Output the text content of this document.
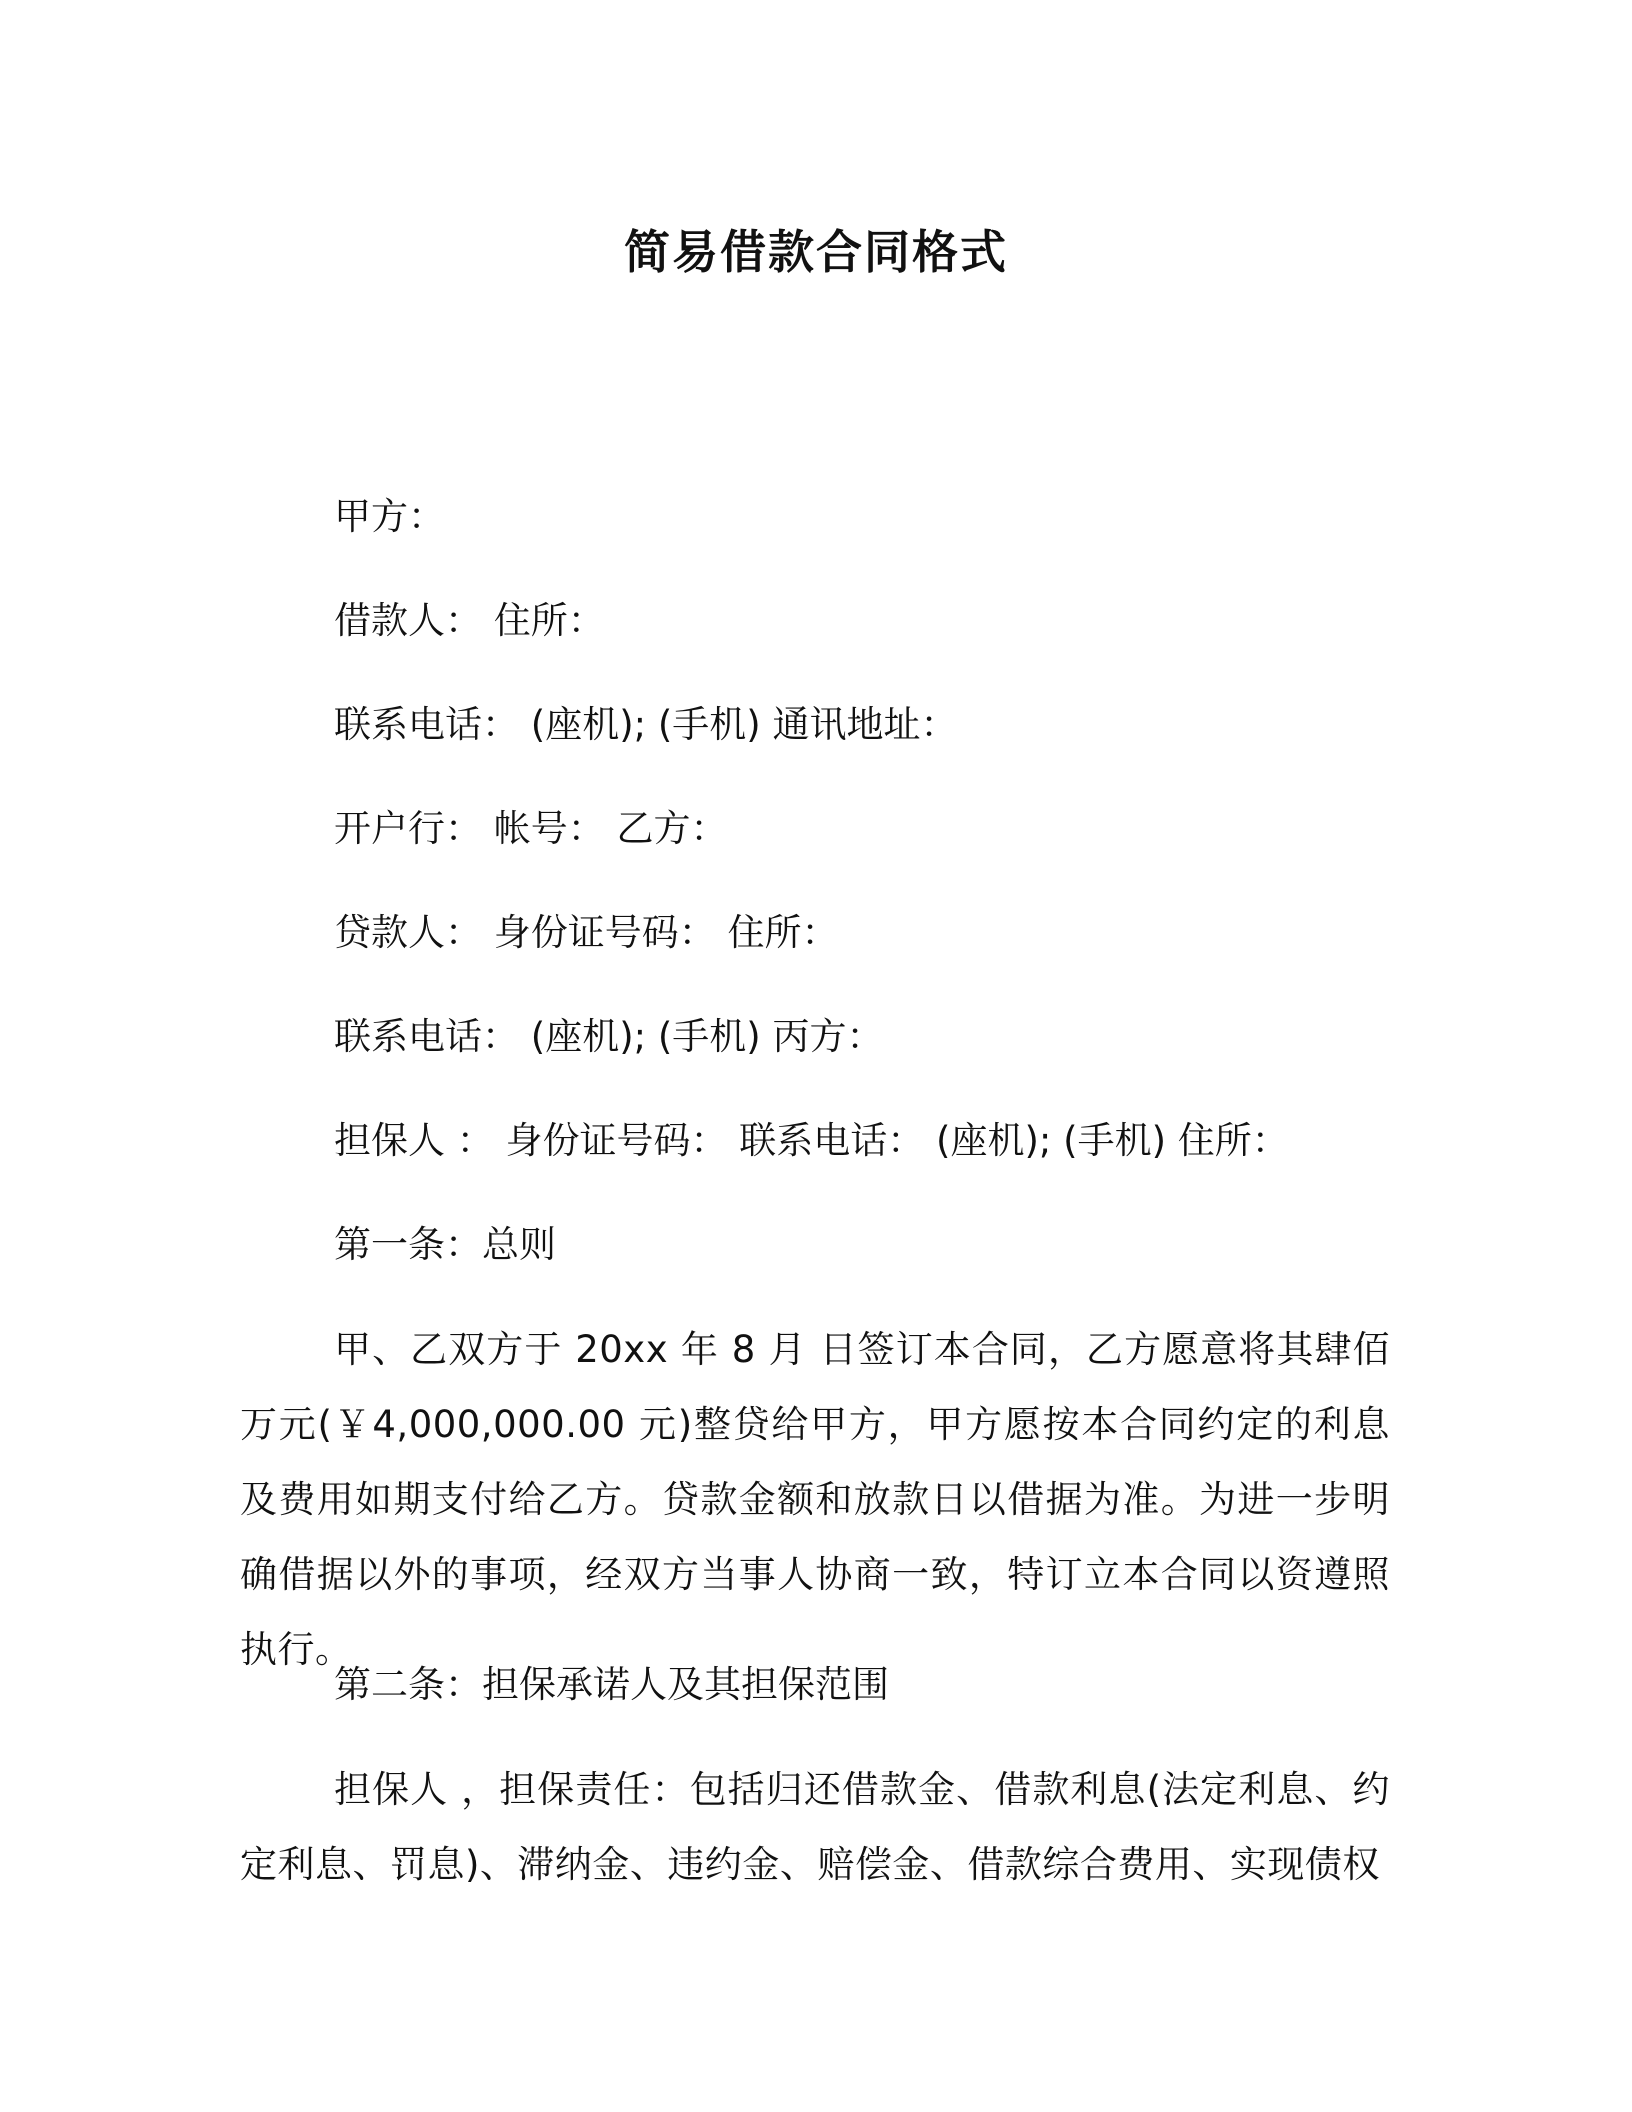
简易借款合同格式
甲方：
借款人： 住所：
联系电话： (座机); (手机) 通讯地址：
开户行： 帐号： 乙方：
贷款人： 身份证号码： 住所：
联系电话： (座机); (手机) 丙方：
担保人 ： 身份证号码： 联系电话： (座机); (手机) 住所：
第一条：总则
甲、乙双方于 20xx 年 8 月 日签订本合同，乙方愿意将其肆佰万元(￥4,000,000.00 元)整贷给甲方，甲方愿按本合同约定的利息及费用如期支付给乙方。贷款金额和放款日以借据为准。为进一步明确借据以外的事项，经双方当事人协商一致，特订立本合同以资遵照执行。
第二条：担保承诺人及其担保范围
担保人 ，担保责任：包括归还借款金、借款利息(法定利息、约定利息、罚息)、滞纳金、违约金、赔偿金、借款综合费用、实现债权
